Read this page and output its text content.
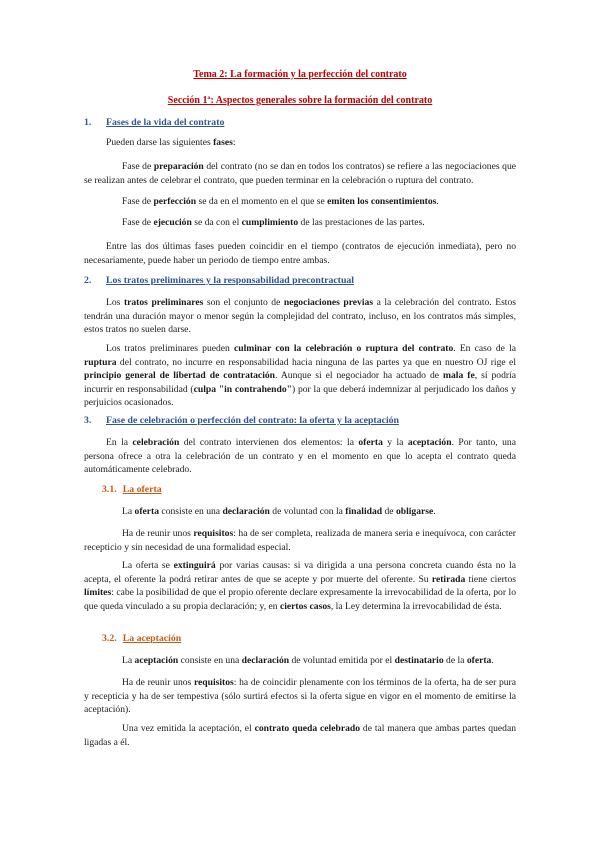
Tema 2: La formación y la perfección del contrato
Sección 1ª: Aspectos generales sobre la formación del contrato
1. Fases de la vida del contrato

Pueden darse las siguientes fases:

Fase de preparación del contrato (no se dan en todos los contratos) se refiere a las negociaciones que se realizan antes de celebrar el contrato, que pueden terminar en la celebración o ruptura del contrato.

Fase de perfección se da en el momento en el que se emiten los consentimientos.

Fase de ejecución se da con el cumplimiento de las prestaciones de las partes.

Entre las dos últimas fases pueden coincidir en el tiempo (contratos de ejecución inmediata), pero no necesariamente, puede haber un periodo de tiempo entre ambas.

2. Los tratos preliminares y la responsabilidad precontractual

Los tratos preliminares son el conjunto de negociaciones previas a la celebración del contrato. Estos tendrán una duración mayor o menor según la complejidad del contrato, incluso, en los contratos más simples, estos tratos no suelen darse.

Los tratos preliminares pueden culminar con la celebración o ruptura del contrato. En caso de la ruptura del contrato, no incurre en responsabilidad hacia ninguna de las partes ya que en nuestro OJ rige el principio general de libertad de contratación. Aunque si el negociador ha actuado de mala fe, sí podría incurrir en responsabilidad (culpa "in contrahendo") por la que deberá indemnizar al perjudicado los daños y perjuicios ocasionados.

3. Fase de celebración o perfección del contrato: la oferta y la aceptación

En la celebración del contrato intervienen dos elementos: la oferta y la aceptación. Por tanto, una persona ofrece a otra la celebración de un contrato y en el momento en que lo acepta el contrato queda automáticamente celebrado.

3.1. La oferta

La oferta consiste en una declaración de voluntad con la finalidad de obligarse.

Ha de reunir unos requisitos: ha de ser completa, realizada de manera seria e inequívoca, con carácter recepticio y sin necesidad de una formalidad especial.

La oferta se extinguirá por varias causas: si va dirigida a una persona concreta cuando ésta no la acepta, el oferente la podrá retirar antes de que se acepte y por muerte del oferente. Su retirada tiene ciertos límites: cabe la posibilidad de que el propio oferente declare expresamente la irrevocabilidad de la oferta, por lo que queda vinculado a su propia declaración; y, en ciertos casos, la Ley determina la irrevocabilidad de ésta.

3.2. La aceptación

La aceptación consiste en una declaración de voluntad emitida por el destinatario de la oferta.

Ha de reunir unos requisitos: ha de coincidir plenamente con los términos de la oferta, ha de ser pura y recepticia y ha de ser tempestiva (sólo surtirá efectos si la oferta sigue en vigor en el momento de emitirse la aceptación).

Una vez emitida la aceptación, el contrato queda celebrado de tal manera que ambas partes quedan ligadas a él.
